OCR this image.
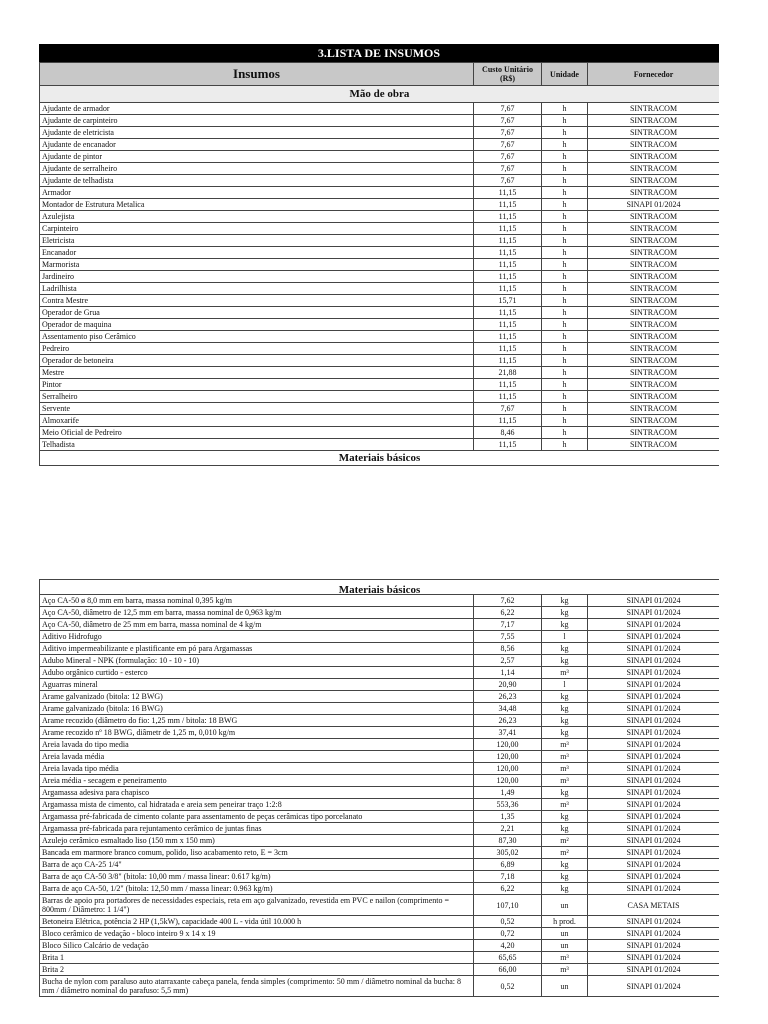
3.LISTA DE INSUMOS
Insumos	Custo Unitário (R$)	Unidade	Fornecedor
Mão de obra			
Ajudante de armador	7,67	h	SINTRACOM
Ajudante de carpinteiro	7,67	h	SINTRACOM
Ajudante de eletricista	7,67	h	SINTRACOM
Ajudante de encanador	7,67	h	SINTRACOM
Ajudante de pintor	7,67	h	SINTRACOM
Ajudante de serralheiro	7,67	h	SINTRACOM
Ajudante de telhadista	7,67	h	SINTRACOM
Armador	11,15	h	SINTRACOM
Montador de Estrutura Metalica	11,15	h	SINAPI 01/2024
Azulejista	11,15	h	SINTRACOM
Carpinteiro	11,15	h	SINTRACOM
Eletricista	11,15	h	SINTRACOM
Encanador	11,15	h	SINTRACOM
Marmorista	11,15	h	SINTRACOM
Jardineiro	11,15	h	SINTRACOM
Ladrilhista	11,15	h	SINTRACOM
Contra Mestre	15,71	h	SINTRACOM
Operador de Grua	11,15	h	SINTRACOM
Operador de maquina	11,15	h	SINTRACOM
Assentamento piso Cerâmico	11,15	h	SINTRACOM
Pedreiro	11,15	h	SINTRACOM
Operador de betoneira	11,15	h	SINTRACOM
Mestre	21,88	h	SINTRACOM
Pintor	11,15	h	SINTRACOM
Serralheiro	11,15	h	SINTRACOM
Servente	7,67	h	SINTRACOM
Almoxarife	11,15	h	SINTRACOM
Meio Oficial de Pedreiro	8,46	h	SINTRACOM
Telhadista	11,15	h	SINTRACOM
Materiais básicos			
Materiais básicos			
Aço CA-50 ø 8,0 mm em barra, massa nominal 0,395 kg/m	7,62	kg	SINAPI 01/2024
Aço CA-50, diâmetro de 12,5 mm em barra, massa nominal de 0,963 kg/m	6,22	kg	SINAPI 01/2024
Aço CA-50, diâmetro de 25 mm em barra, massa nominal de 4 kg/m	7,17	kg	SINAPI 01/2024
Aditivo Hidrofugo	7,55	l	SINAPI 01/2024
Aditivo impermeabilizante e plastificante em pó para Argamassas	8,56	kg	SINAPI 01/2024
Adubo Mineral - NPK (formulação: 10 - 10 - 10)	2,57	kg	SINAPI 01/2024
Adubo orgânico curtido - esterco	1,14	m³	SINAPI 01/2024
Aguarras mineral	20,90	l	SINAPI 01/2024
Arame galvanizado (bitola: 12 BWG)	26,23	kg	SINAPI 01/2024
Arame galvanizado (bitola: 16 BWG)	34,48	kg	SINAPI 01/2024
Arame recozido (diâmetro do fio: 1,25 mm / bitola: 18 BWG	26,23	kg	SINAPI 01/2024
Arame recozido nº 18 BWG, diâmetr de 1,25 m, 0,010 kg/m	37,41	kg	SINAPI 01/2024
Areia lavada do tipo media	120,00	m³	SINAPI 01/2024
Areia lavada média	120,00	m³	SINAPI 01/2024
Areia lavada tipo média	120,00	m³	SINAPI 01/2024
Areia média - secagem e peneiramento	120,00	m³	SINAPI 01/2024
Argamassa adesiva para chapisco	1,49	kg	SINAPI 01/2024
Argamassa mista de cimento, cal hidratada e areia sem peneirar traço 1:2:8	553,36	m³	SINAPI 01/2024
Argamassa pré-fabricada de cimento colante para assentamento de peças cerâmicas tipo porcelanato	1,35	kg	SINAPI 01/2024
Argamassa pré-fabricada para rejuntamento cerâmico de juntas finas	2,21	kg	SINAPI 01/2024
Azulejo cerâmico esmaltado liso (150 mm x 150 mm)	87,30	m²	SINAPI 01/2024
Bancada em marmore branco comum, polido, liso acabamento reto, E = 3cm	305,02	m²	SINAPI 01/2024
Barra de aço CA-25 1/4"	6,89	kg	SINAPI 01/2024
Barra de aço CA-50 3/8" (bitola: 10,00 mm / massa linear: 0.617 kg/m)	7,18	kg	SINAPI 01/2024
Barra de aço CA-50, 1/2" (bitola: 12,50 mm / massa linear: 0.963 kg/m)	6,22	kg	SINAPI 01/2024
Barras de apoio pra portadores de necessidades especiais, reta em aço galvanizado, revestida em PVC e nailon (comprimento = 800mm / Diâmetro: 1 1/4")	107,10	un	CASA METAIS
Betoneira Elétrica, potência 2 HP (1,5kW), capacidade 400 L - vida útil 10.000 h	0,52	h prod.	SINAPI 01/2024
Bloco cerâmico de vedação - bloco inteiro 9 x 14 x 19	0,72	un	SINAPI 01/2024
Bloco Silico Calcário de vedação	4,20	un	SINAPI 01/2024
Brita 1	65,65	m³	SINAPI 01/2024
Brita 2	66,00	m³	SINAPI 01/2024
Bucha de nylon com paraluso auto atarraxante cabeça panela, fenda simples (comprimento: 50 mm / diâmetro nominal da bucha: 8 mm / diâmetro nominal do parafuso: 5,5 mm)	0,52	un	SINAPI 01/2024
